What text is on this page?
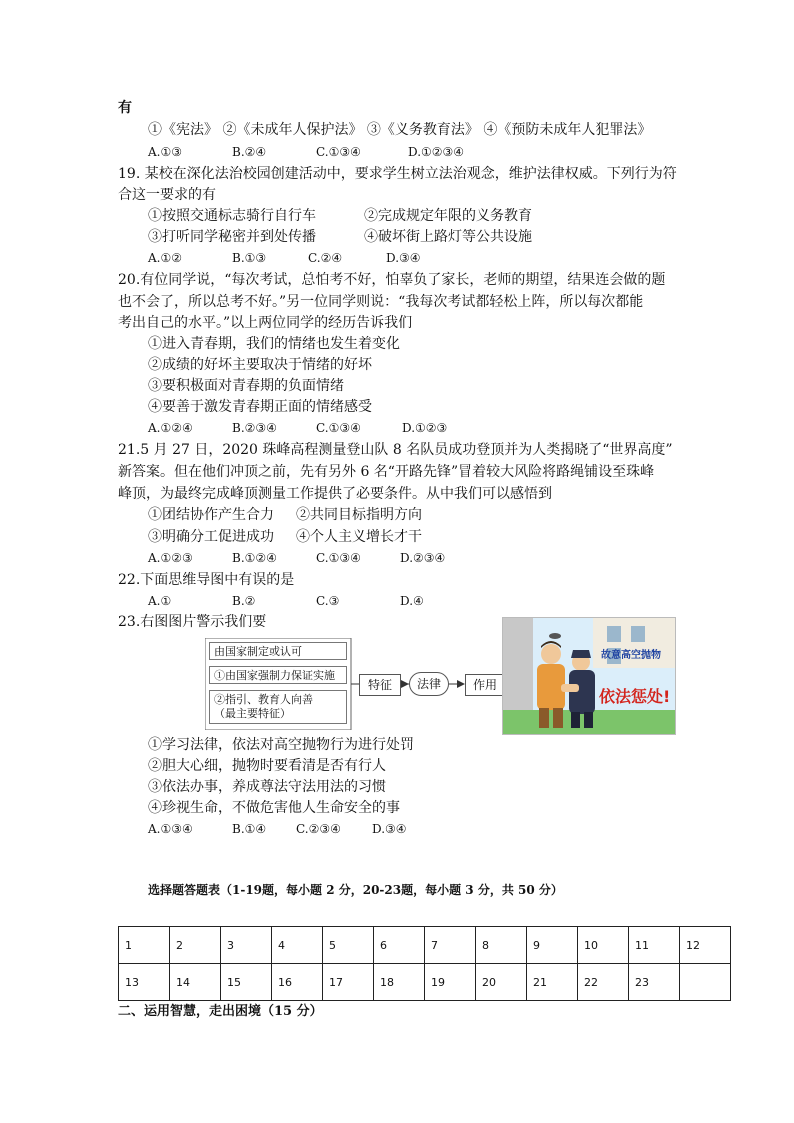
有
①《宪法》 ②《未成年人保护法》 ③《义务教育法》 ④《预防未成年人犯罪法》
A.①③	B.②④	C.①③④	D.①②③④
19. 某校在深化法治校园创建活动中，要求学生树立法治观念，维护法律权威。下列行为符
合这一要求的有
①按照交通标志骑行自行车	②完成规定年限的义务教育
③打听同学秘密并到处传播	④破坏街上路灯等公共设施
A.①②	B.①③	C.②④	D.③④
20.有位同学说，“每次考试，总怕考不好，怕辜负了家长，老师的期望，结果连会做的题
也不会了，所以总考不好。”另一位同学则说：“我每次考试都轻松上阵，所以每次都能
考出自己的水平。”以上两位同学的经历告诉我们
①进入青春期，我们的情绪也发生着变化
②成绩的好坏主要取决于情绪的好坏
③要积极面对青春期的负面情绪
④要善于激发青春期正面的情绪感受
A.①②④	B.②③④	C.①③④	D.①②③
21.5 月 27 日，2020 珠峰高程测量登山队 8 名队员成功登顶并为人类揭晓了“世界高度”
新答案。但在他们冲顶之前，先有另外 6 名“开路先锋”冒着较大风险将路绳铺设至珠峰
峰顶，为最终完成峰顶测量工作提供了必要条件。从中我们可以感悟到
①团结协作产生合力 ②共同目标指明方向
③明确分工促进成功 ④个人主义增长才干
A.①②③	B.①②④	C.①③④	D.②③④
22.下面思维导图中有误的是
A.①	B.②	C.③	D.④
23.右图图片警示我们要
由国家制定或认可
①由国家强制力保证实施
②指引、教育人向善
（最主要特征）
特征	法律	作用
故意高空抛物
依法惩处!
①学习法律，依法对高空抛物行为进行处罚
②胆大心细，抛物时要看清是否有行人
③依法办事，养成尊法守法用法的习惯
④珍视生命，不做危害他人生命安全的事
A.①③④	B.①④ C.②③④	D.③④
选择题答题表（1-19题，每小题 2 分，20-23题，每小题 3 分，共 50 分）
1	2	3	4	5	6	7	8	9	10	11	12
13	14	15	16	17	18	19	20	21	22	23	
二、运用智慧，走出困境（15 分）
